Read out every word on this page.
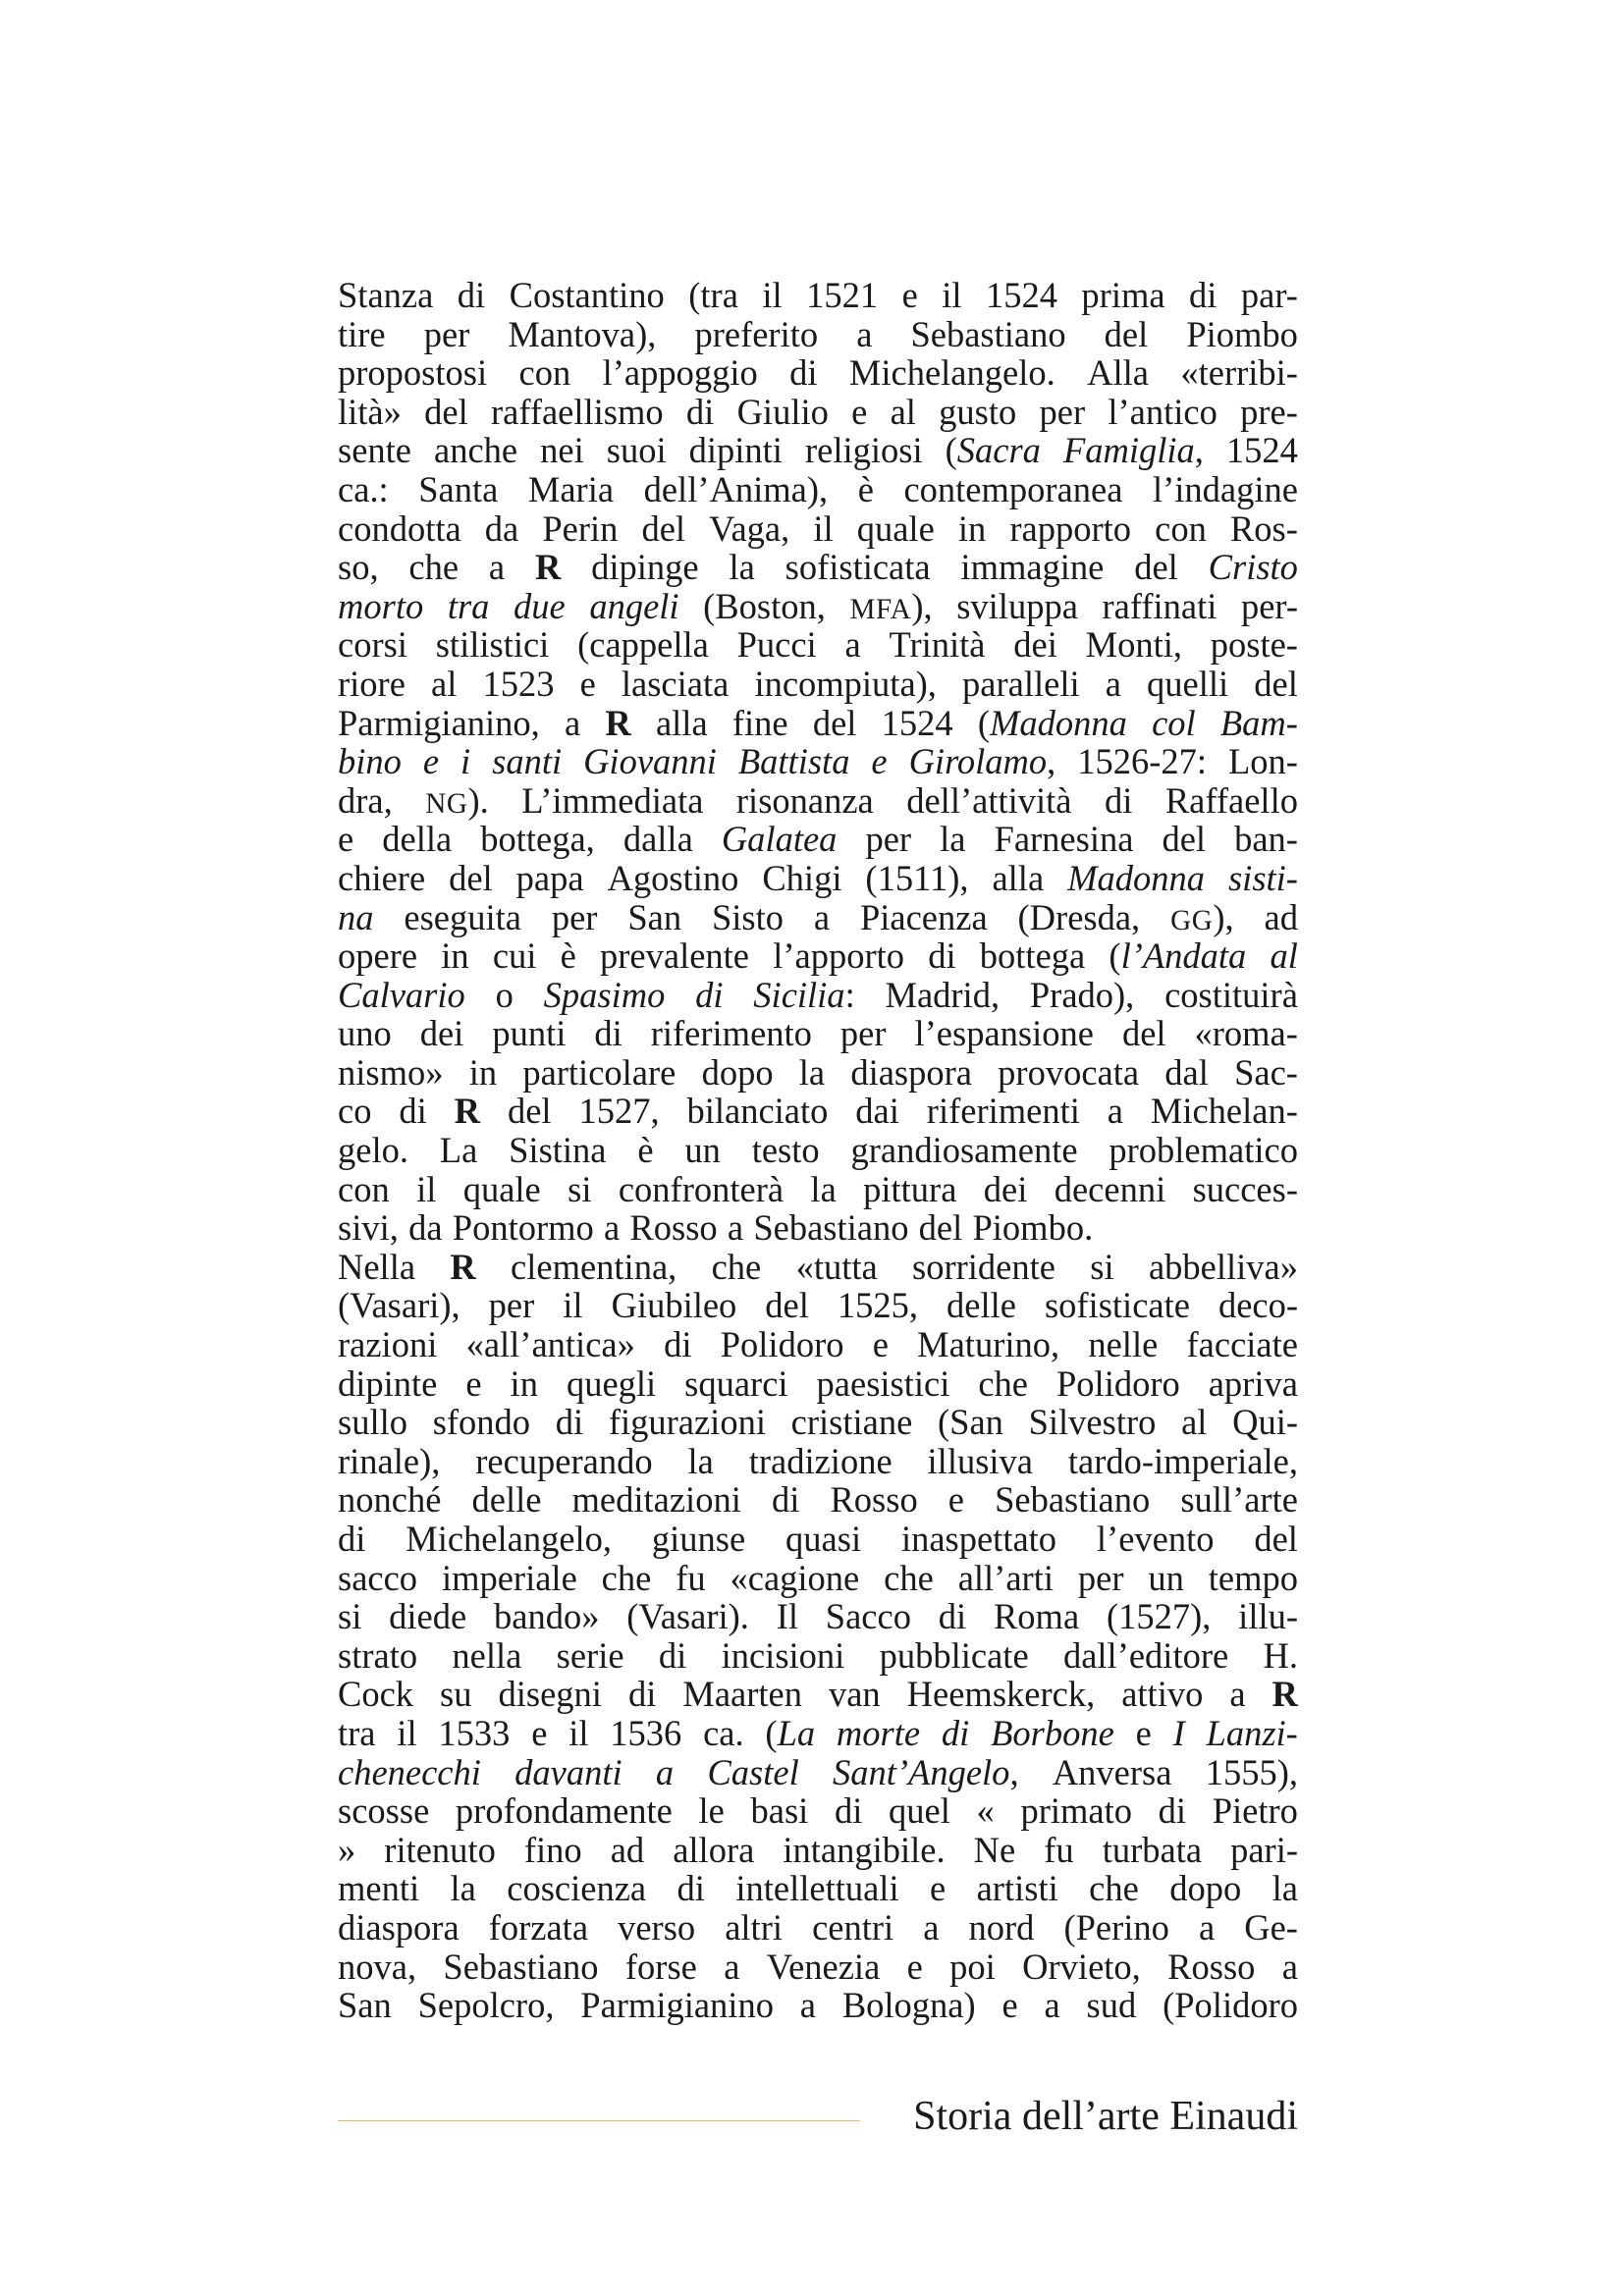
Stanza di Costantino (tra il 1521 e il 1524 prima di par-
tire per Mantova), preferito a Sebastiano del Piombo
propostosi con l’appoggio di Michelangelo. Alla «terribi-
lità» del raffaellismo di Giulio e al gusto per l’antico pre-
sente anche nei suoi dipinti religiosi (Sacra Famiglia, 1524
ca.: Santa Maria dell’Anima), è contemporanea l’indagine
condotta da Perin del Vaga, il quale in rapporto con Ros-
so, che a R dipinge la sofisticata immagine del Cristo
morto tra due angeli (Boston, MFA), sviluppa raffinati per-
corsi stilistici (cappella Pucci a Trinità dei Monti, poste-
riore al 1523 e lasciata incompiuta), paralleli a quelli del
Parmigianino, a R alla fine del 1524 (Madonna col Bam-
bino e i santi Giovanni Battista e Girolamo, 1526-27: Lon-
dra, NG). L’immediata risonanza dell’attività di Raffaello
e della bottega, dalla Galatea per la Farnesina del ban-
chiere del papa Agostino Chigi (1511), alla Madonna sisti-
na eseguita per San Sisto a Piacenza (Dresda, GG), ad
opere in cui è prevalente l’apporto di bottega (l’Andata al
Calvario o Spasimo di Sicilia: Madrid, Prado), costituirà
uno dei punti di riferimento per l’espansione del «roma-
nismo» in particolare dopo la diaspora provocata dal Sac-
co di R del 1527, bilanciato dai riferimenti a Michelan-
gelo. La Sistina è un testo grandiosamente problematico
con il quale si confronterà la pittura dei decenni succes-
sivi, da Pontormo a Rosso a Sebastiano del Piombo.
Nella R clementina, che «tutta sorridente si abbelliva»
(Vasari), per il Giubileo del 1525, delle sofisticate deco-
razioni «all’antica» di Polidoro e Maturino, nelle facciate
dipinte e in quegli squarci paesistici che Polidoro apriva
sullo sfondo di figurazioni cristiane (San Silvestro al Qui-
rinale), recuperando la tradizione illusiva tardo-imperiale,
nonché delle meditazioni di Rosso e Sebastiano sull’arte
di Michelangelo, giunse quasi inaspettato l’evento del
sacco imperiale che fu «cagione che all’arti per un tempo
si diede bando» (Vasari). Il Sacco di Roma (1527), illu-
strato nella serie di incisioni pubblicate dall’editore H.
Cock su disegni di Maarten van Heemskerck, attivo a R
tra il 1533 e il 1536 ca. (La morte di Borbone e I Lanzi-
chenecchi davanti a Castel Sant’Angelo, Anversa 1555),
scosse profondamente le basi di quel « primato di Pietro
» ritenuto fino ad allora intangibile. Ne fu turbata pari-
menti la coscienza di intellettuali e artisti che dopo la
diaspora forzata verso altri centri a nord (Perino a Ge-
nova, Sebastiano forse a Venezia e poi Orvieto, Rosso a
San Sepolcro, Parmigianino a Bologna) e a sud (Polidoro
Storia dell’arte Einaudi
